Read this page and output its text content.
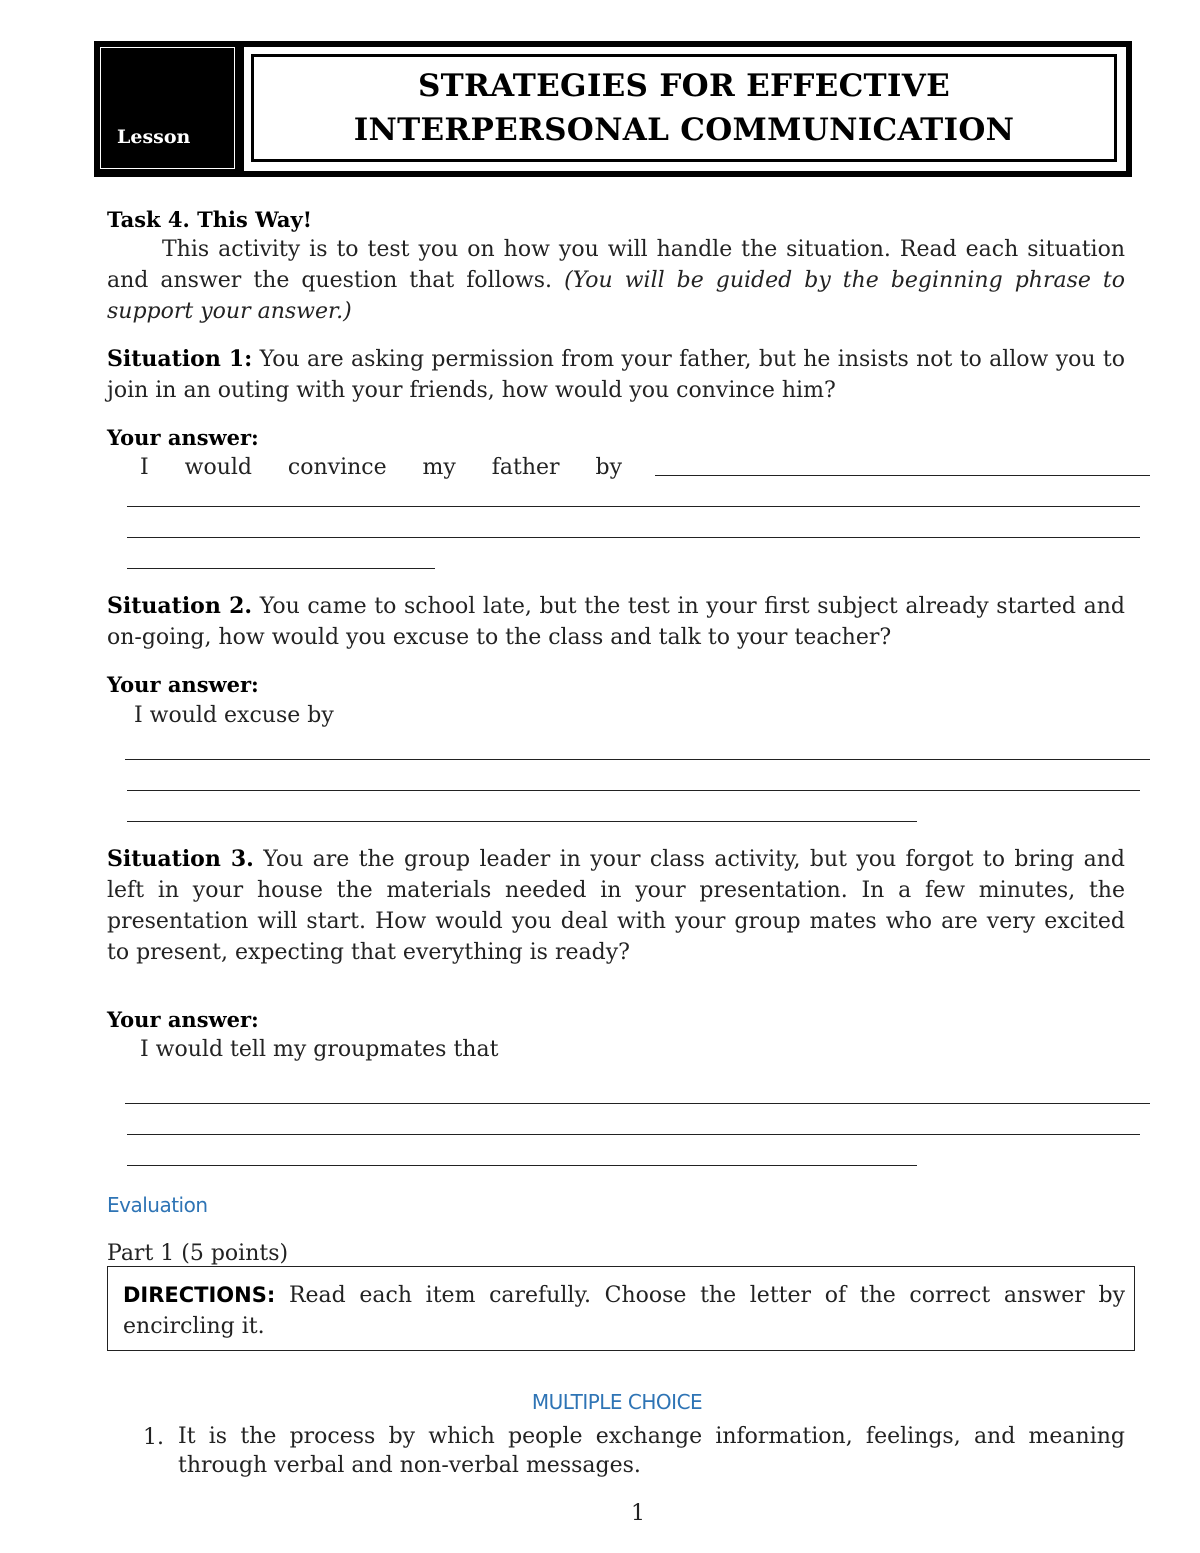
Lesson
STRATEGIES FOR EFFECTIVE
INTERPERSONAL COMMUNICATION
Task 4. This Way!
This activity is to test you on how you will handle the situation. Read each situation and answer the question that follows. (You will be guided by the beginning phrase to support your answer.)
Situation 1: You are asking permission from your father, but he insists not to allow you to join in an outing with your friends, how would you convince him?
Your answer:
I would convince my father by
Situation 2. You came to school late, but the test in your first subject already started and on-going, how would you excuse to the class and talk to your teacher?
Your answer:
I would excuse by
Situation 3. You are the group leader in your class activity, but you forgot to bring and left in your house the materials needed in your presentation. In a few minutes, the presentation will start. How would you deal with your group mates who are very excited to present, expecting that everything is ready?
Your answer:
I would tell my groupmates that
Evaluation
Part 1 (5 points)
DIRECTIONS: Read each item carefully. Choose the letter of the correct answer by encircling it.
MULTIPLE CHOICE
1. It is the process by which people exchange information, feelings, and meaning through verbal and non-verbal messages.
1
